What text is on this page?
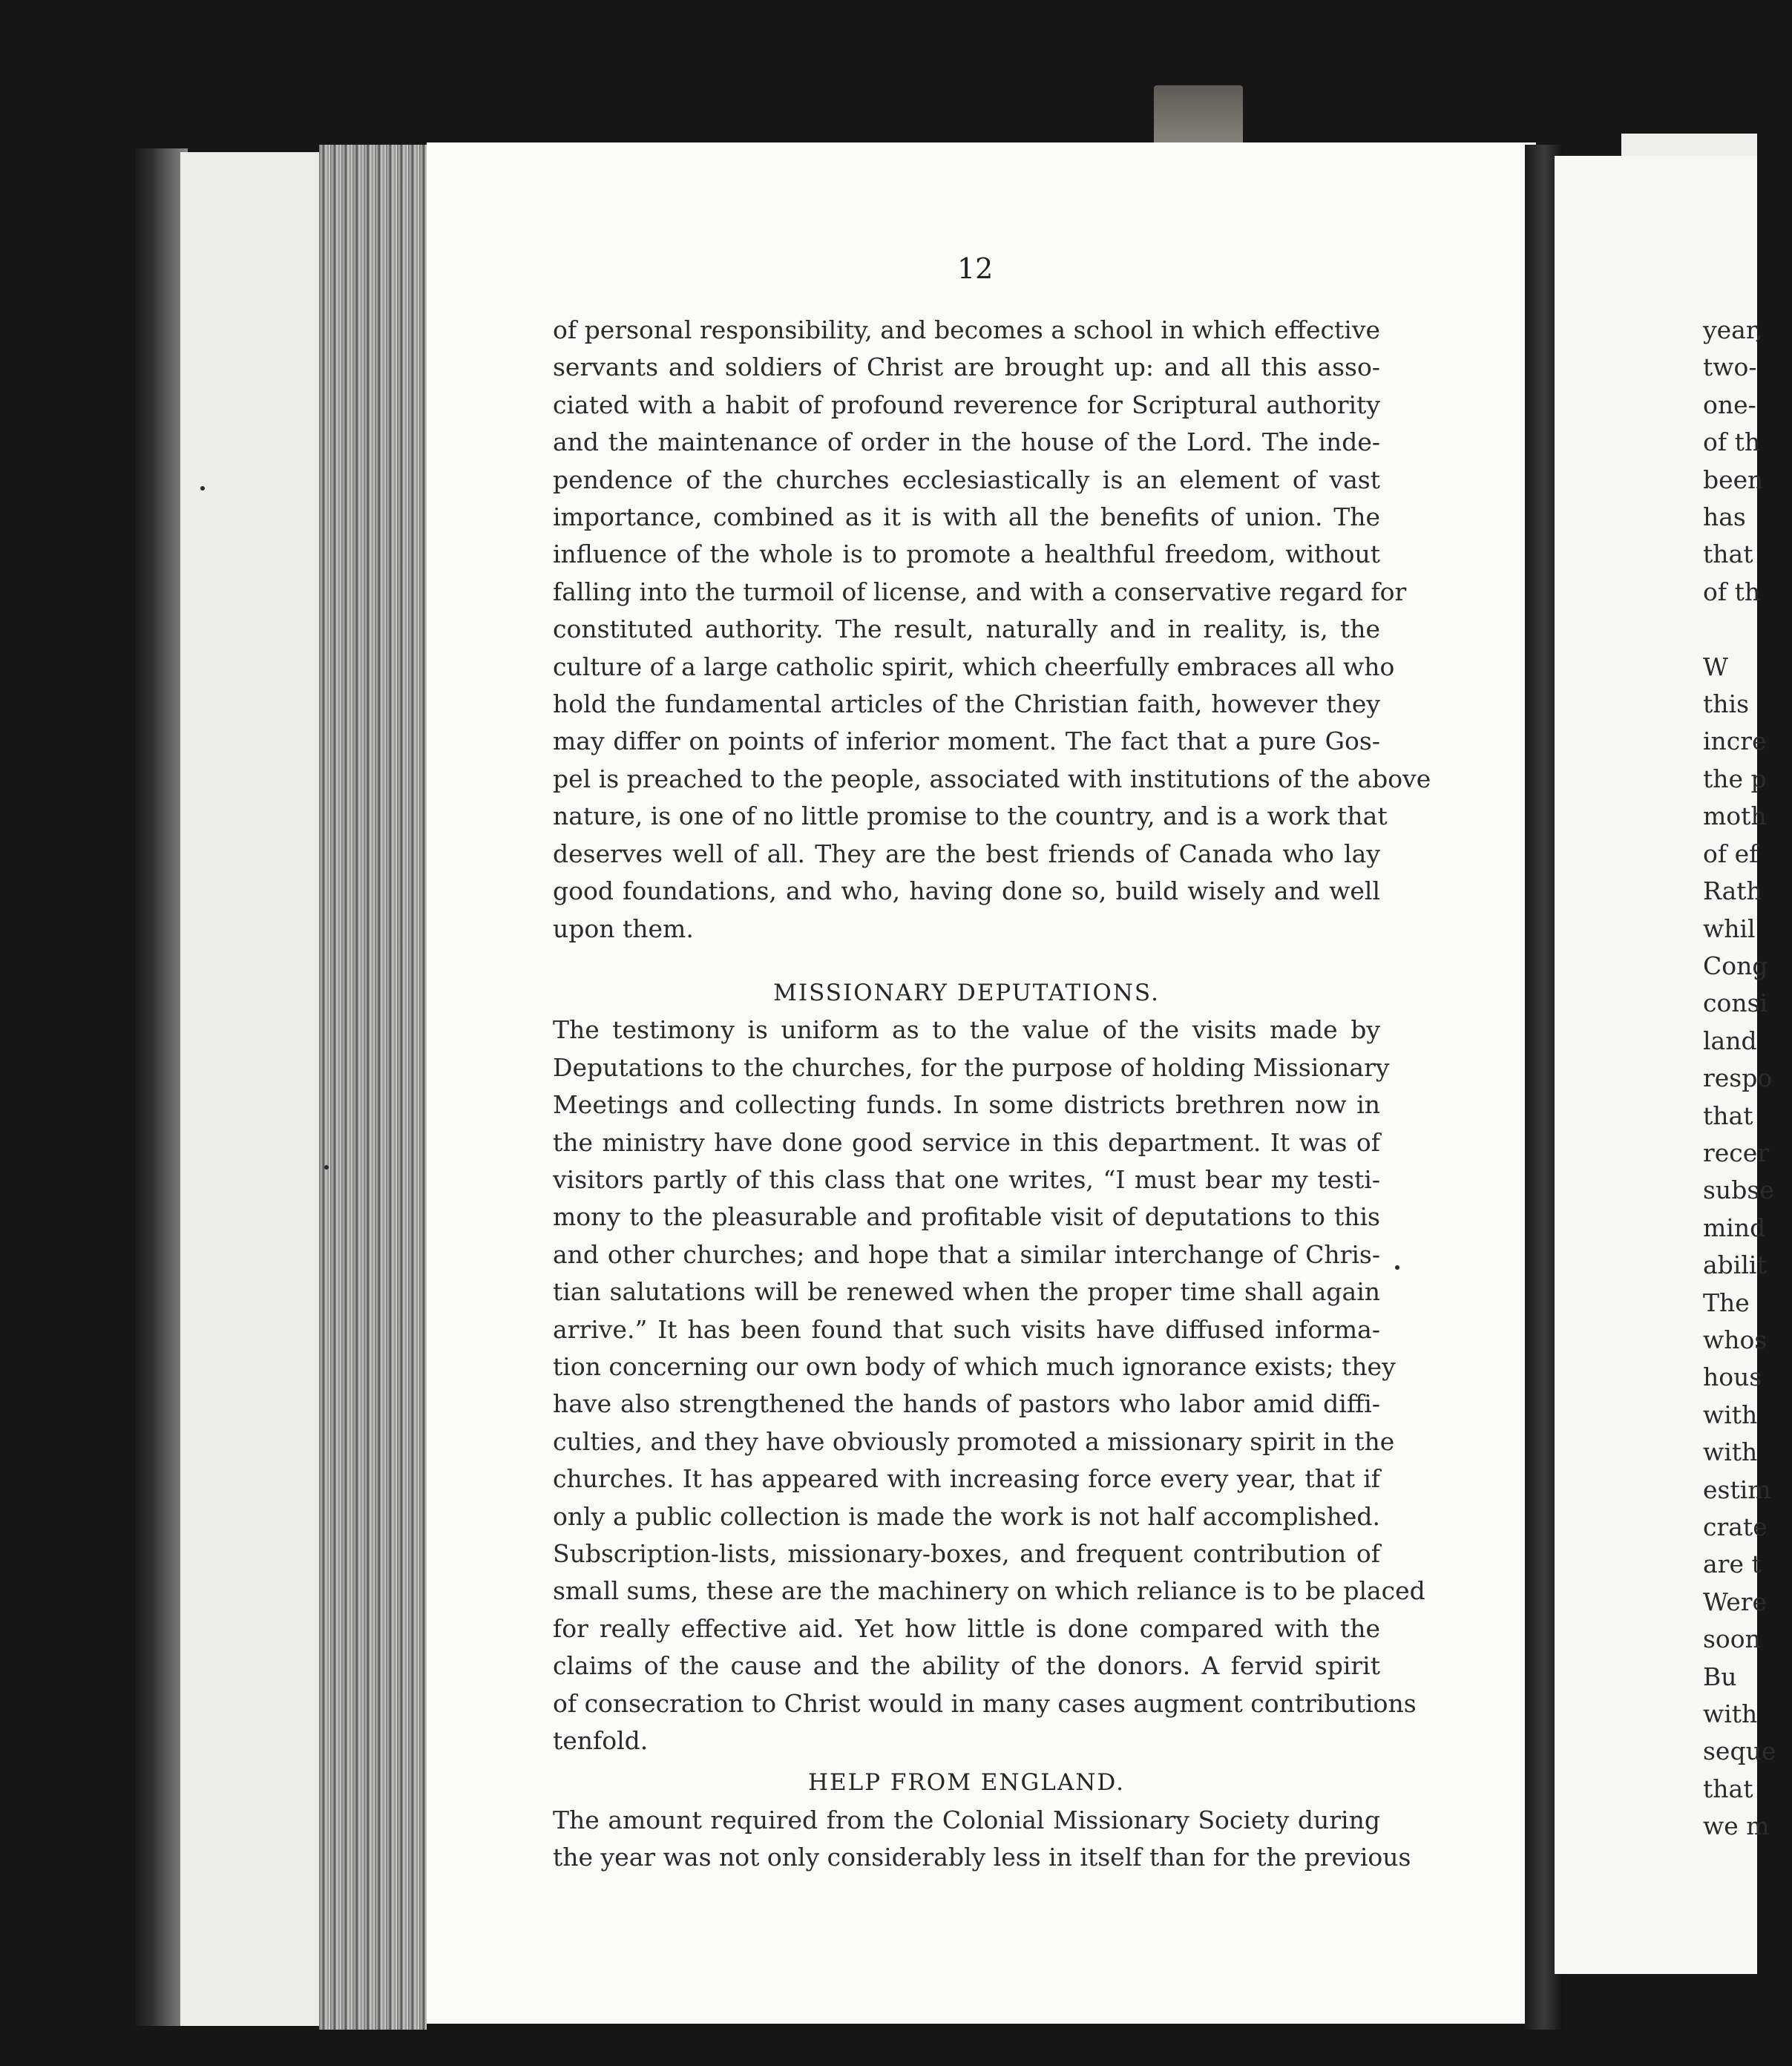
12
of personal responsibility, and becomes a school in which effective
servants and soldiers of Christ are brought up: and all this asso-
ciated with a habit of profound reverence for Scriptural authority
and the maintenance of order in the house of the Lord. The inde-
pendence of the churches ecclesiastically is an element of vast
importance, combined as it is with all the benefits of union. The
influence of the whole is to promote a healthful freedom, without
falling into the turmoil of license, and with a conservative regard for
constituted authority. The result, naturally and in reality, is, the
culture of a large catholic spirit, which cheerfully embraces all who
hold the fundamental articles of the Christian faith, however they
may differ on points of inferior moment. The fact that a pure Gos-
pel is preached to the people, associated with institutions of the above
nature, is one of no little promise to the country, and is a work that
deserves well of all. They are the best friends of Canada who lay
good foundations, and who, having done so, build wisely and well
upon them.
MISSIONARY DEPUTATIONS.
The testimony is uniform as to the value of the visits made by
Deputations to the churches, for the purpose of holding Missionary
Meetings and collecting funds. In some districts brethren now in
the ministry have done good service in this department. It was of
visitors partly of this class that one writes, “I must bear my testi-
mony to the pleasurable and profitable visit of deputations to this
and other churches; and hope that a similar interchange of Chris-
tian salutations will be renewed when the proper time shall again
arrive.” It has been found that such visits have diffused informa-
tion concerning our own body of which much ignorance exists; they
have also strengthened the hands of pastors who labor amid diffi-
culties, and they have obviously promoted a missionary spirit in the
churches. It has appeared with increasing force every year, that if
only a public collection is made the work is not half accomplished.
Subscription-lists, missionary-boxes, and frequent contribution of
small sums, these are the machinery on which reliance is to be placed
for really effective aid. Yet how little is done compared with the
claims of the cause and the ability of the donors. A fervid spirit
of consecration to Christ would in many cases augment contributions
tenfold.
HELP FROM ENGLAND.
The amount required from the Colonial Missionary Society during
the year was not only considerably less in itself than for the previous
year,
two-
one-
of th
been
has
that
of th

W
this
incre
the p
moth
of ef
Rath
whil
Cong
consi
land
respo
that
recer
subse
mind
abilit
The
whos
hous
with
with
estim
crate
are t
Were
soon
Bu
with
seque
that
we m
